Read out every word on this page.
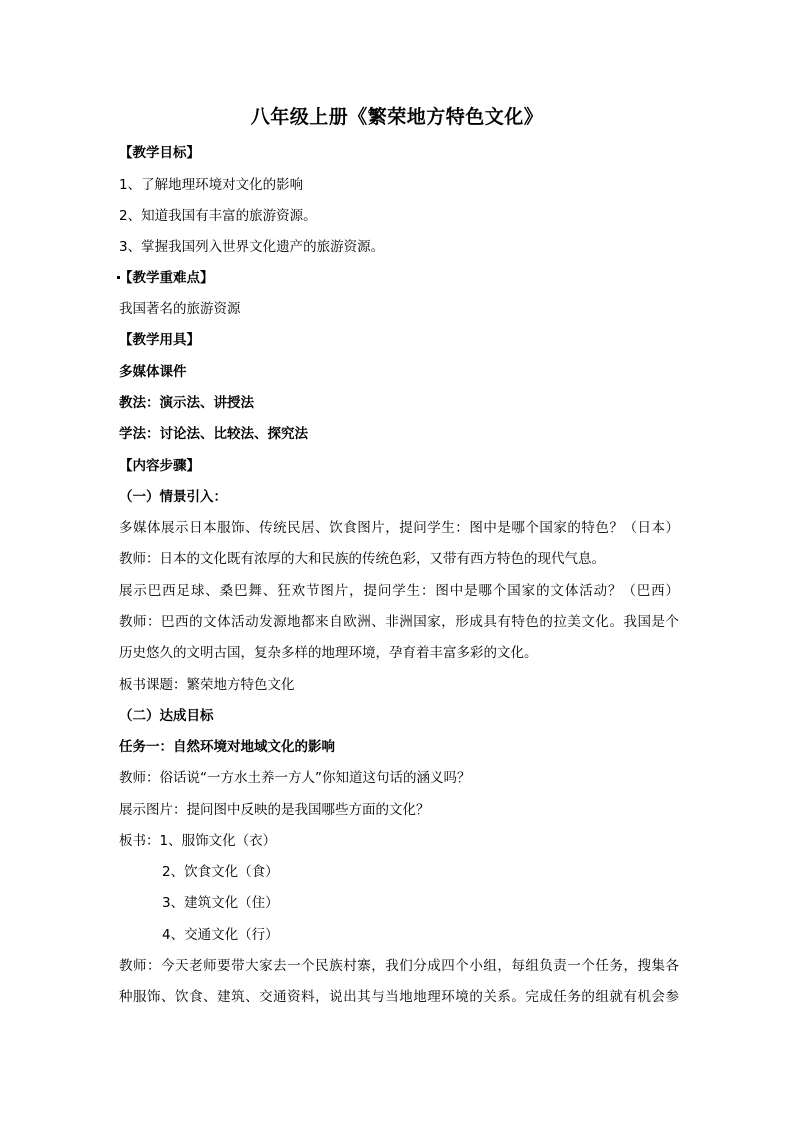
八年级上册《繁荣地方特色文化》
【教学目标】
1、了解地理环境对文化的影响
2、知道我国有丰富的旅游资源。
3、掌握我国列入世界文化遗产的旅游资源。
【教学重难点】
我国著名的旅游资源
【教学用具】
多媒体课件
教法：演示法、讲授法
学法：讨论法、比较法、探究法
【内容步骤】
（一）情景引入：
多媒体展示日本服饰、传统民居、饮食图片，提问学生：图中是哪个国家的特色？（日本）
教师：日本的文化既有浓厚的大和民族的传统色彩，又带有西方特色的现代气息。
展示巴西足球、桑巴舞、狂欢节图片，提问学生：图中是哪个国家的文体活动？（巴西）
教师：巴西的文体活动发源地都来自欧洲、非洲国家，形成具有特色的拉美文化。我国是个
历史悠久的文明古国，复杂多样的地理环境，孕育着丰富多彩的文化。
板书课题：繁荣地方特色文化
（二）达成目标
任务一：自然环境对地域文化的影响
教师：俗话说“一方水土养一方人”你知道这句话的涵义吗？
展示图片：提问图中反映的是我国哪些方面的文化？
板书：1、服饰文化（衣）
2、饮食文化（食）
3、建筑文化（住）
4、交通文化（行）
教师：今天老师要带大家去一个民族村寨，我们分成四个小组，每组负责一个任务，搜集各
种服饰、饮食、建筑、交通资料，说出其与当地地理环境的关系。完成任务的组就有机会参
